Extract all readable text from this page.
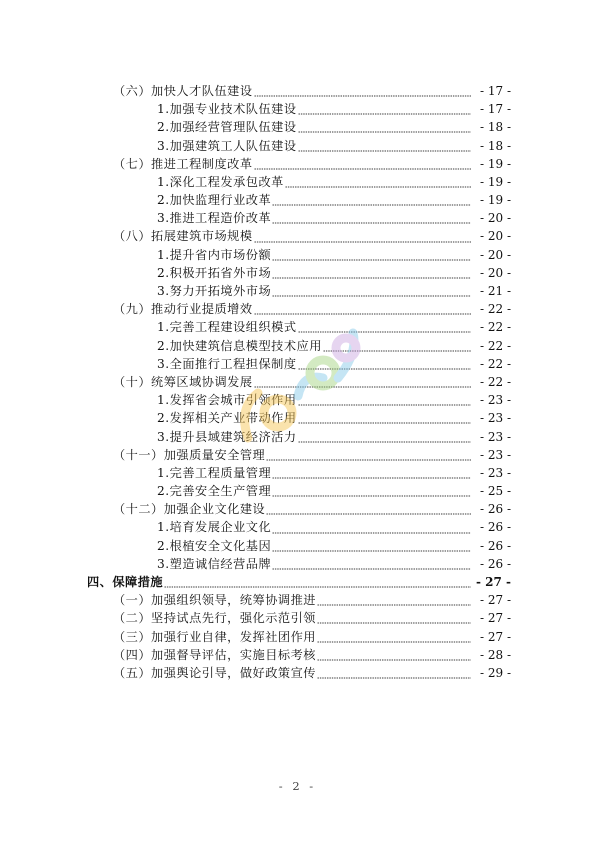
（六）加快人才队伍建设	- 17 -
1.加强专业技术队伍建设	- 17 -
2.加强经营管理队伍建设	- 18 -
3.加强建筑工人队伍建设	- 18 -
（七）推进工程制度改革	- 19 -
1.深化工程发承包改革	- 19 -
2.加快监理行业改革	- 19 -
3.推进工程造价改革	- 20 -
（八）拓展建筑市场规模	- 20 -
1.提升省内市场份额	- 20 -
2.积极开拓省外市场	- 20 -
3.努力开拓境外市场	- 21 -
（九）推动行业提质增效	- 22 -
1.完善工程建设组织模式	- 22 -
2.加快建筑信息模型技术应用	- 22 -
3.全面推行工程担保制度	- 22 -
（十）统筹区域协调发展	- 22 -
1.发挥省会城市引领作用	- 23 -
2.发挥相关产业带动作用	- 23 -
3.提升县域建筑经济活力	- 23 -
（十一）加强质量安全管理	- 23 -
1.完善工程质量管理	- 23 -
2.完善安全生产管理	- 25 -
（十二）加强企业文化建设	- 26 -
1.培育发展企业文化	- 26 -
2.根植安全文化基因	- 26 -
3.塑造诚信经营品牌	- 26 -
四、保障措施	- 27 -
（一）加强组织领导，统筹协调推进	- 27 -
（二）坚持试点先行，强化示范引领	- 27 -
（三）加强行业自律，发挥社团作用	- 27 -
（四）加强督导评估，实施目标考核	- 28 -
（五）加强舆论引导，做好政策宣传	- 29 -
- 2 -
